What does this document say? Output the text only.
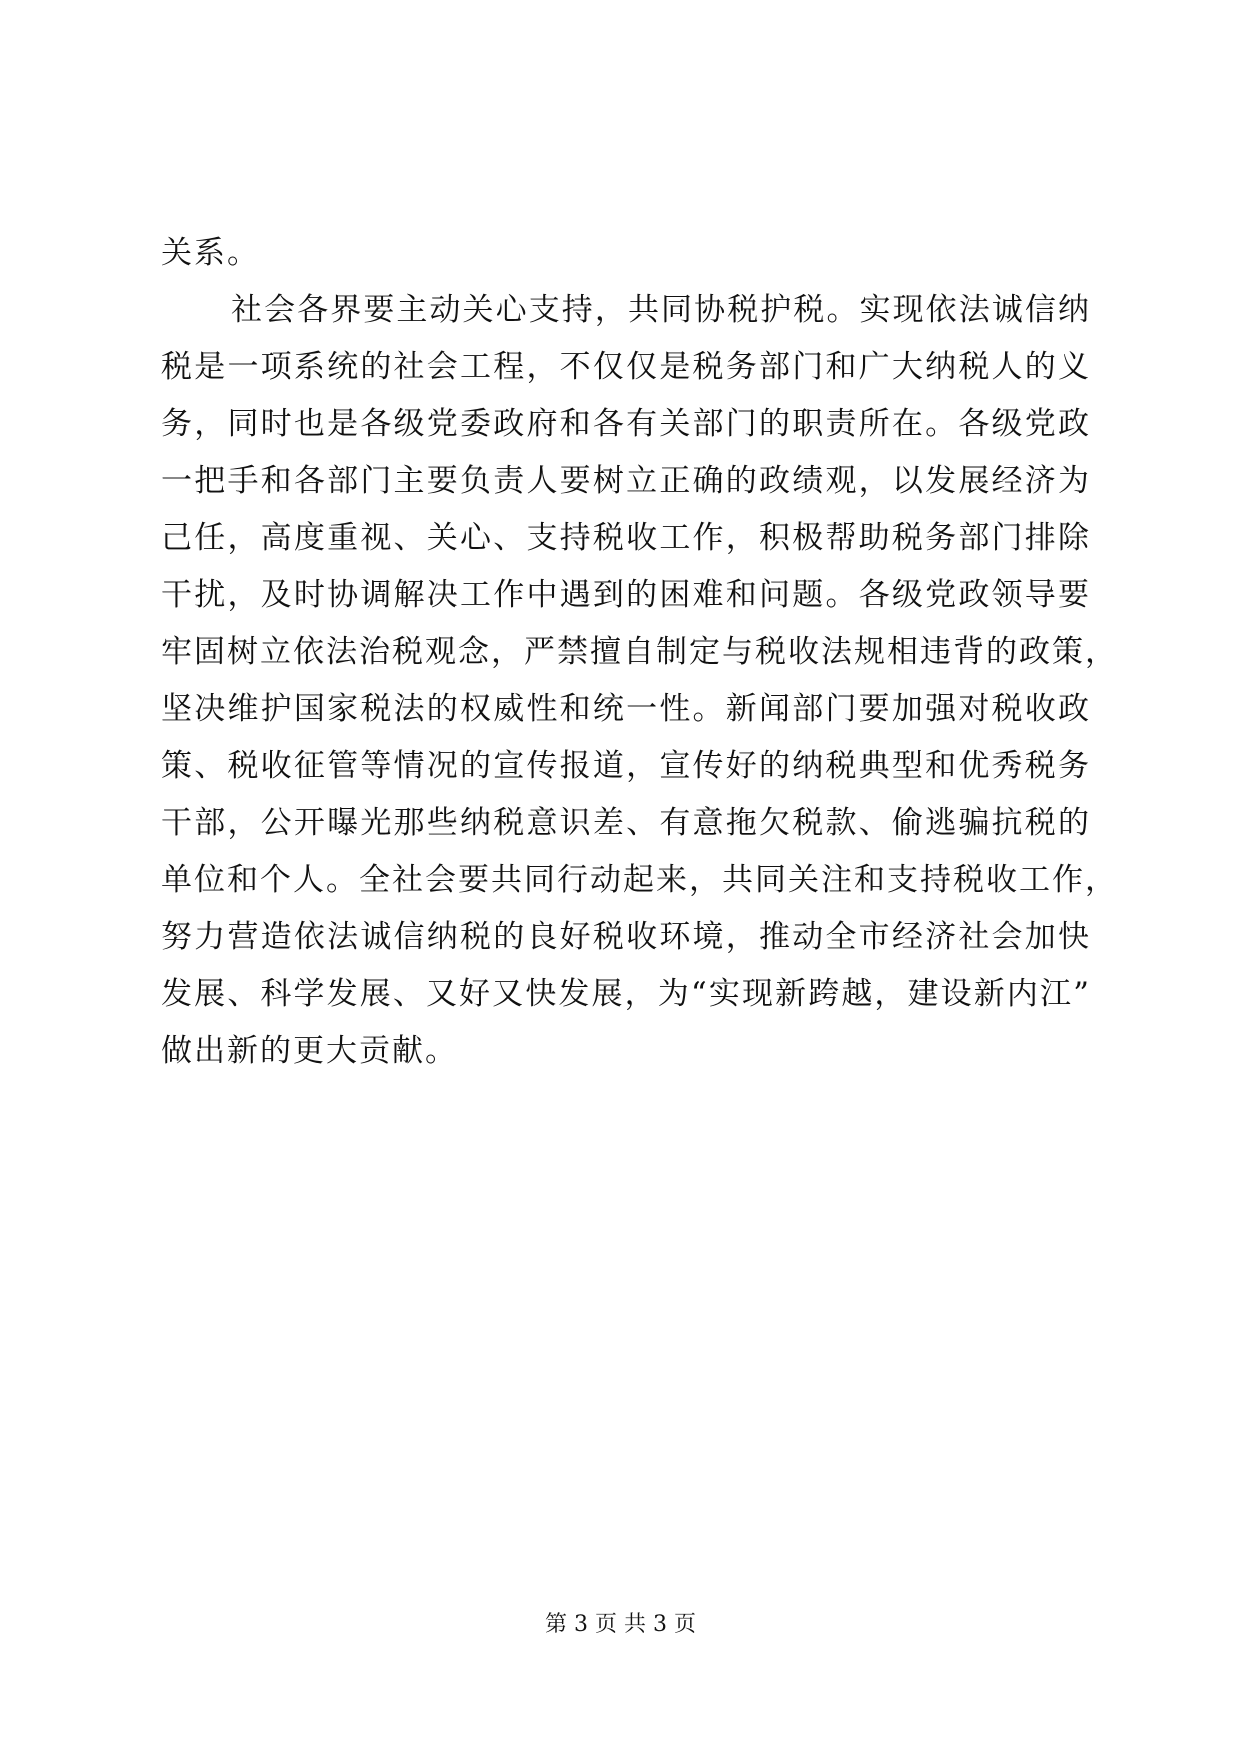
关系。
社会各界要主动关心支持，共同协税护税。实现依法诚信纳
税是一项系统的社会工程，不仅仅是税务部门和广大纳税人的义
务，同时也是各级党委政府和各有关部门的职责所在。各级党政
一把手和各部门主要负责人要树立正确的政绩观，以发展经济为
己任，高度重视、关心、支持税收工作，积极帮助税务部门排除
干扰，及时协调解决工作中遇到的困难和问题。各级党政领导要
牢固树立依法治税观念，严禁擅自制定与税收法规相违背的政策，
坚决维护国家税法的权威性和统一性。新闻部门要加强对税收政
策、税收征管等情况的宣传报道，宣传好的纳税典型和优秀税务
干部，公开曝光那些纳税意识差、有意拖欠税款、偷逃骗抗税的
单位和个人。全社会要共同行动起来，共同关注和支持税收工作，
努力营造依法诚信纳税的良好税收环境，推动全市经济社会加快
发展、科学发展、又好又快发展，为“实现新跨越，建设新内江”
做出新的更大贡献。
第 3 页 共 3 页
